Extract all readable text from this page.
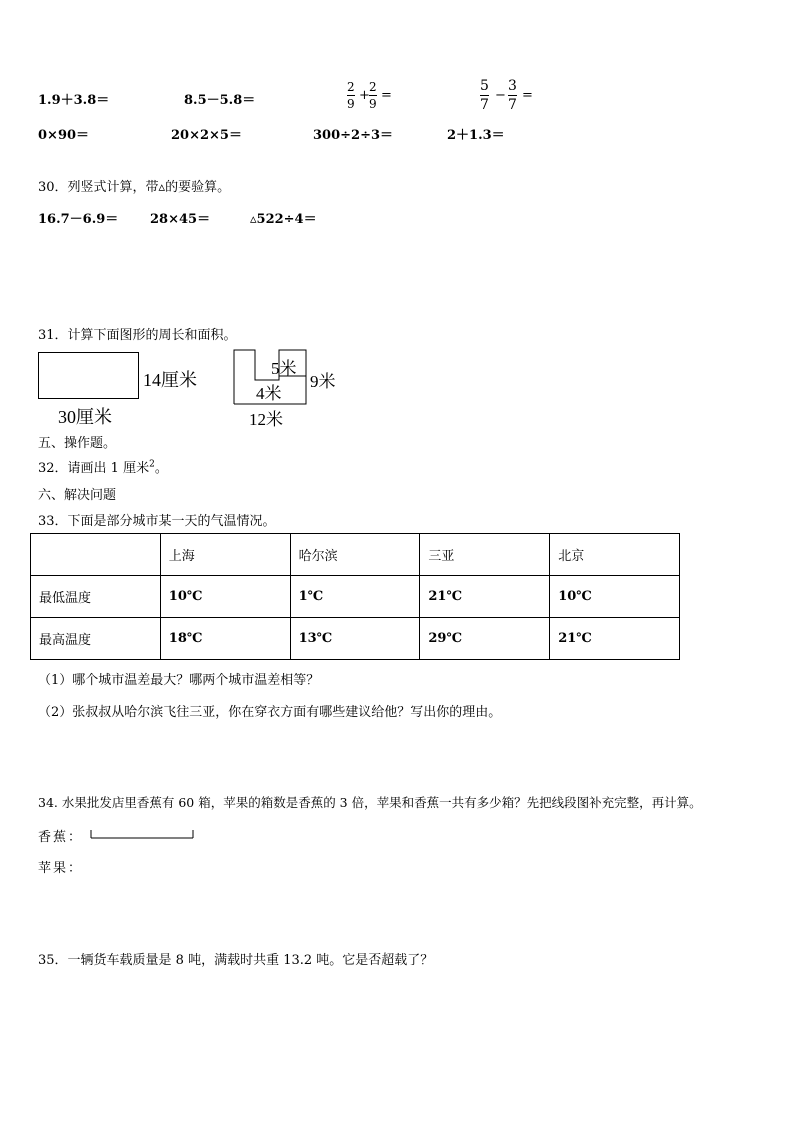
1.9＋3.8＝	8.5－5.8＝
2
9
+
2
9
=
5
7
−
3
7
=
0×90＝	20×2×5＝	300÷2÷3＝	2＋1.3＝
30．列竖式计算，带▵的要验算。
16.7－6.9＝ 28×45＝	▵522÷4＝
31．计算下面图形的周长和面积。
14厘米
30厘米
5米
4米
9米
12米
五、操作题。
32．请画出 1 厘米$^2$。
六、解决问题
33．下面是部分城市某一天的气温情况。
	上海	哈尔滨	三亚	北京
最低温度	10℃	1℃	21℃	10℃
最高温度	18℃	13℃	29℃	21℃
（1）哪个城市温差最大？哪两个城市温差相等？
（2）张叔叔从哈尔滨飞往三亚，你在穿衣方面有哪些建议给他？写出你的理由。
34. 水果批发店里香蕉有 60 箱，苹果的箱数是香蕉的 3 倍，苹果和香蕉一共有多少箱？先把线段图补充完整，再计算。
香蕉：
苹果：
35．一辆货车载质量是 8 吨，满载时共重 13.2 吨。它是否超载了？
